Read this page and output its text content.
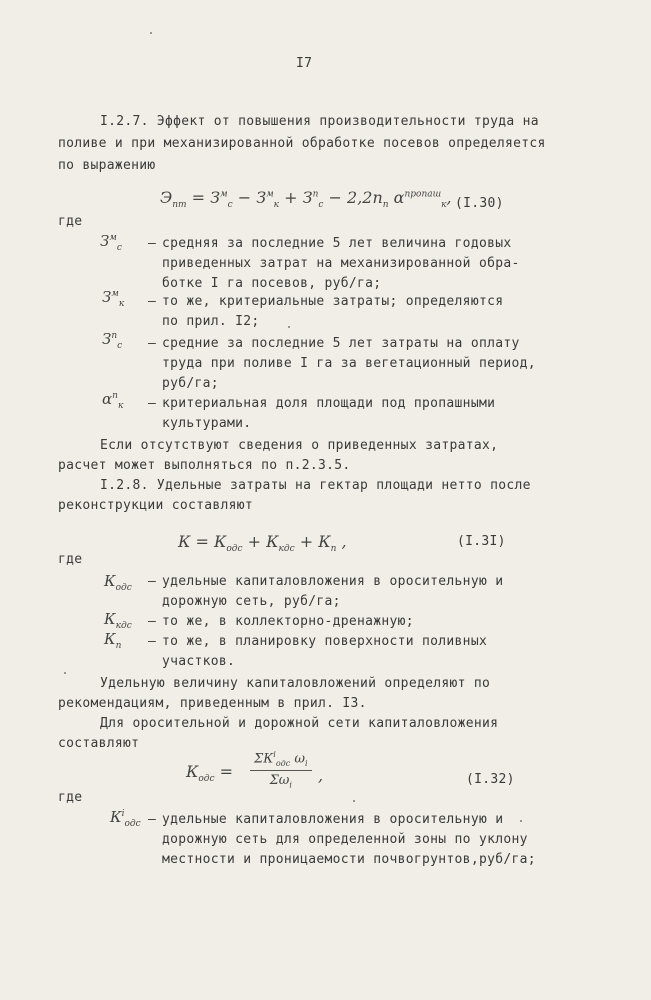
I7
I.2.7. Эффект от повышения производительности труда на
поливе и при механизированной обработке посевов определяется
по выражению
$Э_{пт} = З^м_c - З^м_к + З^п_c - 2,2n_п$ $\alpha^{пропаш}_к$, (I.30)
где
$З^м_c$ – средняя за последние 5 лет величина годовых
приведенных затрат на механизированной обра-
ботке I га посевов, руб/га;
$З^м_к$ – то же, критериальные затраты; определяются
по прил. I2;
$З^п_c$ – средние за последние 5 лет затраты на оплату
труда при поливе I га за вегетационный период,
руб/га;
$\alpha^п_к$ – критериальная доля площади под пропашными
культурами.
Если отсутствуют сведения о приведенных затратах,
расчет может выполняться по п.2.3.5.
I.2.8. Удельные затраты на гектар площади нетто после
реконструкции составляют
$К = К_{одс} + К_{кдс} + К_п$ ,	(I.3I)
где
$К_{одс}$ – удельные капиталовложения в оросительную и
дорожную сеть, руб/га;
$К_{кдс}$ – то же, в коллекторно-дренажную;
$К_п$ – то же, в планировку поверхности поливных
участков.
Удельную величину капиталовложений определяют по
рекомендациям, приведенным в прил. I3.
Для оросительной и дорожной сети капиталовложения
составляют
$К_{одс}$ =
$\Sigma К^i_{одс}$ $\omega_i$
$\Sigma\omega_i$
,	(I.32)
где
$К^i_{одс}$ – удельные капиталовложения в оросительную и
дорожную сеть для определенной зоны по уклону
местности и проницаемости почвогрунтов,руб/га;
